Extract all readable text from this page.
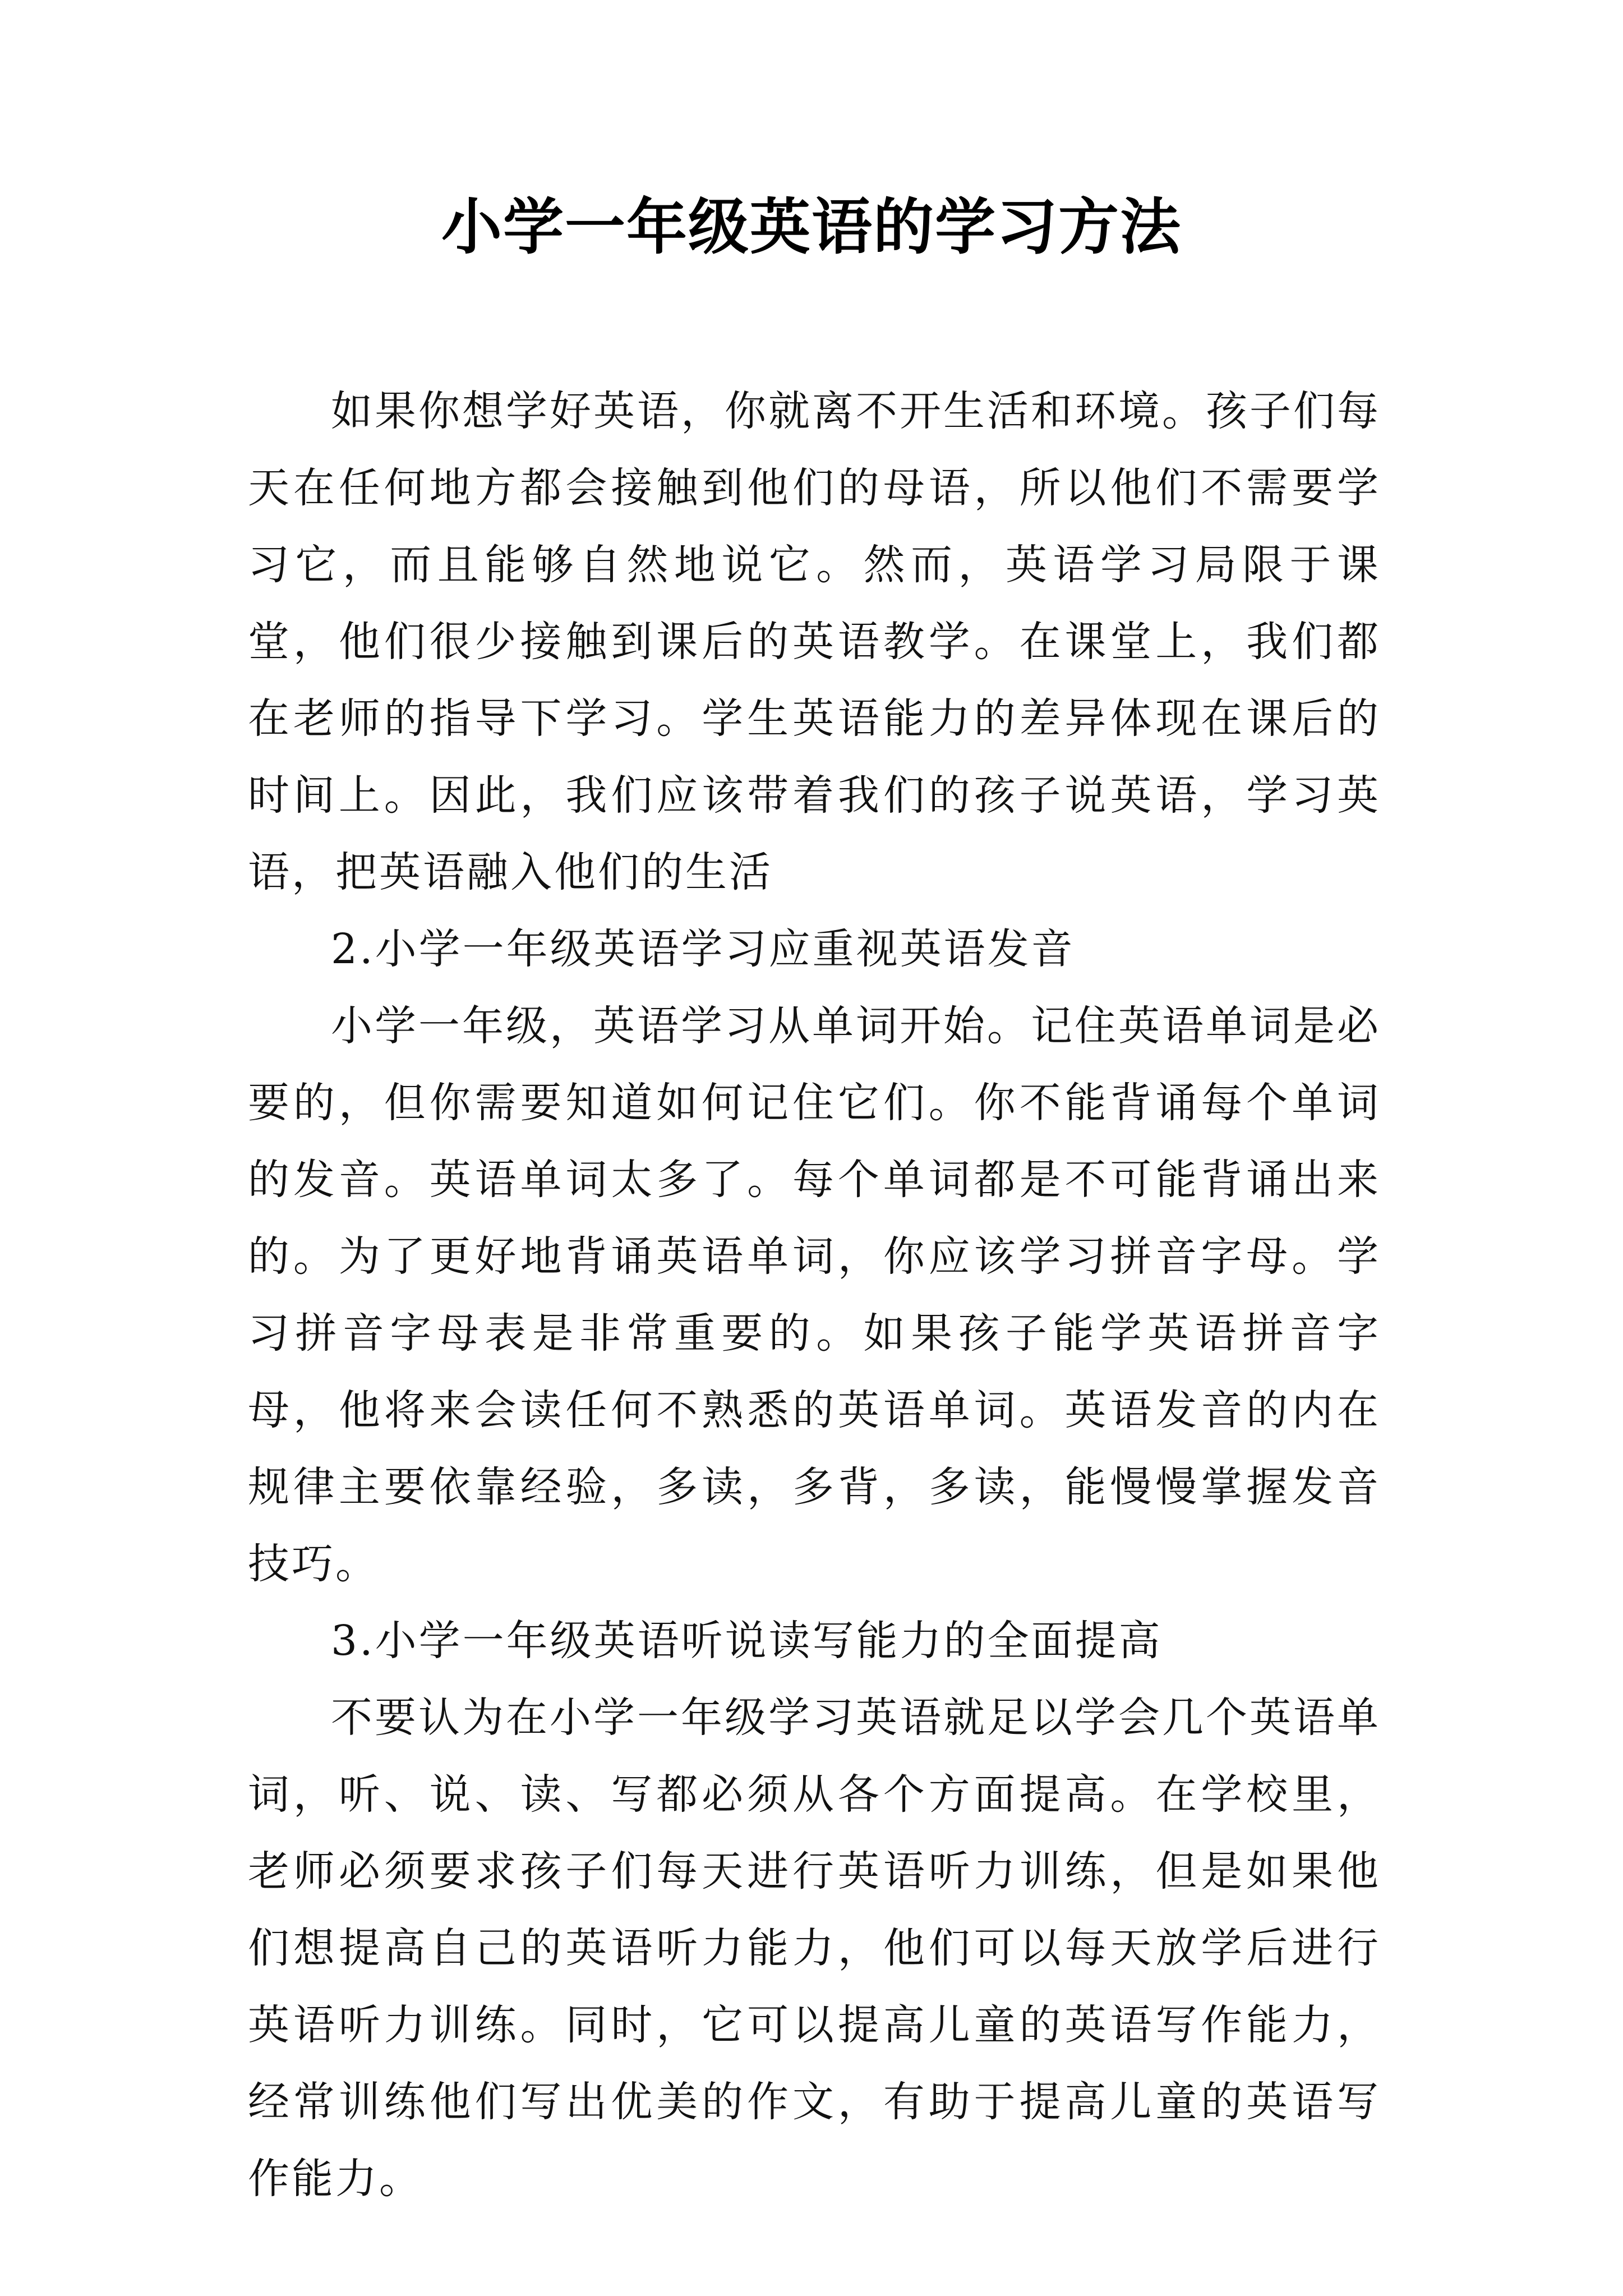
小学一年级英语的学习方法

如果你想学好英语，你就离不开生活和环境。孩子们每天在任何地方都会接触到他们的母语，所以他们不需要学习它，而且能够自然地说它。然而，英语学习局限于课堂，他们很少接触到课后的英语教学。在课堂上，我们都在老师的指导下学习。学生英语能力的差异体现在课后的时间上。因此，我们应该带着我们的孩子说英语，学习英语，把英语融入他们的生活

2.小学一年级英语学习应重视英语发音

小学一年级，英语学习从单词开始。记住英语单词是必要的，但你需要知道如何记住它们。你不能背诵每个单词的发音。英语单词太多了。每个单词都是不可能背诵出来的。为了更好地背诵英语单词，你应该学习拼音字母。学习拼音字母表是非常重要的。如果孩子能学英语拼音字母，他将来会读任何不熟悉的英语单词。英语发音的内在规律主要依靠经验，多读，多背，多读，能慢慢掌握发音技巧。

3.小学一年级英语听说读写能力的全面提高

不要认为在小学一年级学习英语就足以学会几个英语单词，听、说、读、写都必须从各个方面提高。在学校里，老师必须要求孩子们每天进行英语听力训练，但是如果他们想提高自己的英语听力能力，他们可以每天放学后进行英语听力训练。同时，它可以提高儿童的英语写作能力，经常训练他们写出优美的作文，有助于提高儿童的英语写作能力。
